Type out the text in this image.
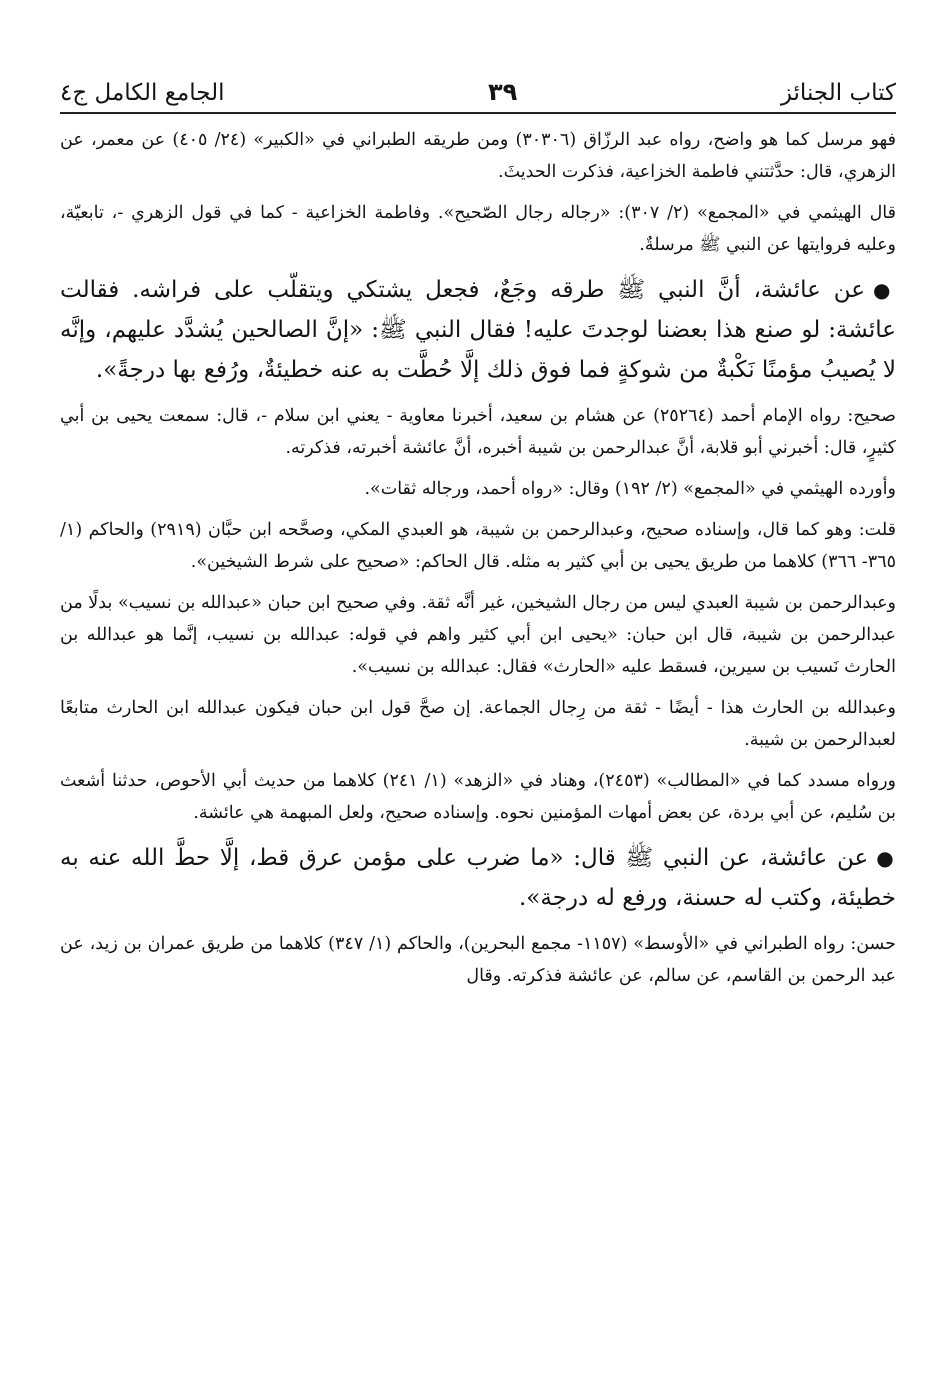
كتاب الجنائز
٣٩
الجامع الكامل ج٤

فهو مرسل كما هو واضح، رواه عبد الرزّاق (٣٠٣٠٦) ومن طريقه الطبراني في «الكبير» (٢٤/ ٤٠٥) عن معمر، عن الزهري، قال: حدَّثتني فاطمة الخزاعية، فذكرت الحديثَ.

قال الهيثمي في «المجمع» (٢/ ٣٠٧): «رجاله رجال الصّحيح». وفاطمة الخزاعية - كما في قول الزهري -، تابعيّة، وعليه فروايتها عن النبي ﷺ مرسلةٌ.

●عن عائشة، أنَّ النبي ﷺ طرقه وجَعٌ، فجعل يشتكي ويتقلّب على فراشه. فقالت عائشة: لو صنع هذا بعضنا لوجدتَ عليه! فقال النبي ﷺ: «إنَّ الصالحين يُشدَّد عليهم، وإنَّه لا يُصيبُ مؤمنًا نَكْبةٌ من شوكةٍ فما فوق ذلك إلَّا حُطَّت به عنه خطيئةٌ، ورُفع بها درجةً».

صحيح: رواه الإمام أحمد (٢٥٢٦٤) عن هشام بن سعيد، أخبرنا معاوية - يعني ابن سلام -، قال: سمعت يحيى بن أبي كثيرٍ، قال: أخبرني أبو قلابة، أنَّ عبدالرحمن بن شيبة أخبره، أنَّ عائشة أخبرته، فذكرته.

وأورده الهيثمي في «المجمع» (٢/ ١٩٢) وقال: «رواه أحمد، ورجاله ثقات».

قلت: وهو كما قال، وإسناده صحيح، وعبدالرحمن بن شيبة، هو العبدي المكي، وصحَّحه ابن حبَّان (٢٩١٩) والحاكم (١/ ٣٦٥- ٣٦٦) كلاهما من طريق يحيى بن أبي كثير به مثله. قال الحاكم: «صحيح على شرط الشيخين».

وعبدالرحمن بن شيبة العبدي ليس من رجال الشيخين، غير أنَّه ثقة. وفي صحيح ابن حبان «عبدالله بن نسيب» بدلًا من عبدالرحمن بن شيبة، قال ابن حبان: «يحيى ابن أبي كثير واهم في قوله: عبدالله بن نسيب، إنَّما هو عبدالله بن الحارث نَسيب بن سيرين، فسقط عليه «الحارث» فقال: عبدالله بن نسيب».

وعبدالله بن الحارث هذا - أيضًا - ثقة من رِجال الجماعة. إن صحَّ قول ابن حبان فيكون عبدالله ابن الحارث متابعًا لعبدالرحمن بن شيبة.

ورواه مسدد كما في «المطالب» (٢٤٥٣)، وهناد في «الزهد» (١/ ٢٤١) كلاهما من حديث أبي الأحوص، حدثنا أشعث بن سُليم، عن أبي بردة، عن بعض أمهات المؤمنين نحوه. وإسناده صحيح، ولعل المبهمة هي عائشة.

●عن عائشة، عن النبي ﷺ قال: «ما ضرب على مؤمن عرق قط، إلَّا حطَّ الله عنه به خطيئة، وكتب له حسنة، ورفع له درجة».

حسن: رواه الطبراني في «الأوسط» (١١٥٧- مجمع البحرين)، والحاكم (١/ ٣٤٧) كلاهما من طريق عمران بن زيد، عن عبد الرحمن بن القاسم، عن سالم، عن عائشة فذكرته. وقال
